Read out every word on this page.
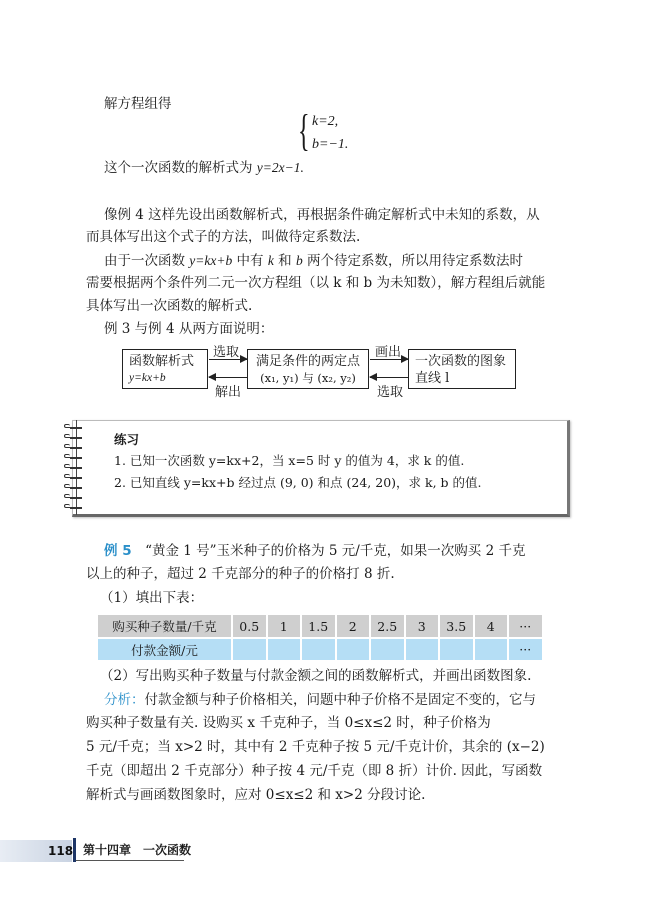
解方程组得
{ k=2,
b=−1.
这个一次函数的解析式为 y=2x−1.
像例 4 这样先设出函数解析式，再根据条件确定解析式中未知的系数，从
而具体写出这个式子的方法，叫做待定系数法.
由于一次函数 y=kx+b 中有 k 和 b 两个待定系数，所以用待定系数法时
需要根据两个条件列二元一次方程组（以 k 和 b 为未知数），解方程组后就能
具体写出一次函数的解析式.
例 3 与例 4 从两方面说明：
函数解析式
y=kx+b
满足条件的两定点
(x₁, y₁) 与 (x₂, y₂)
一次函数的图象
直线 l
选取
解出
画出
选取
练习
1. 已知一次函数 y=kx+2，当 x=5 时 y 的值为 4，求 k 的值.
2. 已知直线 y=kx+b 经过点 (9, 0) 和点 (24, 20)，求 k, b 的值.
例 5　 “黄金 1 号”玉米种子的价格为 5 元/千克，如果一次购买 2 千克
以上的种子，超过 2 千克部分的种子的价格打 8 折.
（1）填出下表：
购买种子数量/千克	0.5	1	1.5	2	2.5	3	3.5	4	···
付款金额/元									···
（2）写出购买种子数量与付款金额之间的函数解析式，并画出函数图象.
分析：付款金额与种子价格相关，问题中种子价格不是固定不变的，它与
购买种子数量有关. 设购买 x 千克种子，当 0≤x≤2 时，种子价格为
5 元/千克；当 x>2 时，其中有 2 千克种子按 5 元/千克计价，其余的 (x−2)
千克（即超出 2 千克部分）种子按 4 元/千克（即 8 折）计价. 因此，写函数
解析式与画函数图象时，应对 0≤x≤2 和 x>2 分段讨论.
118 第十四章　一次函数
